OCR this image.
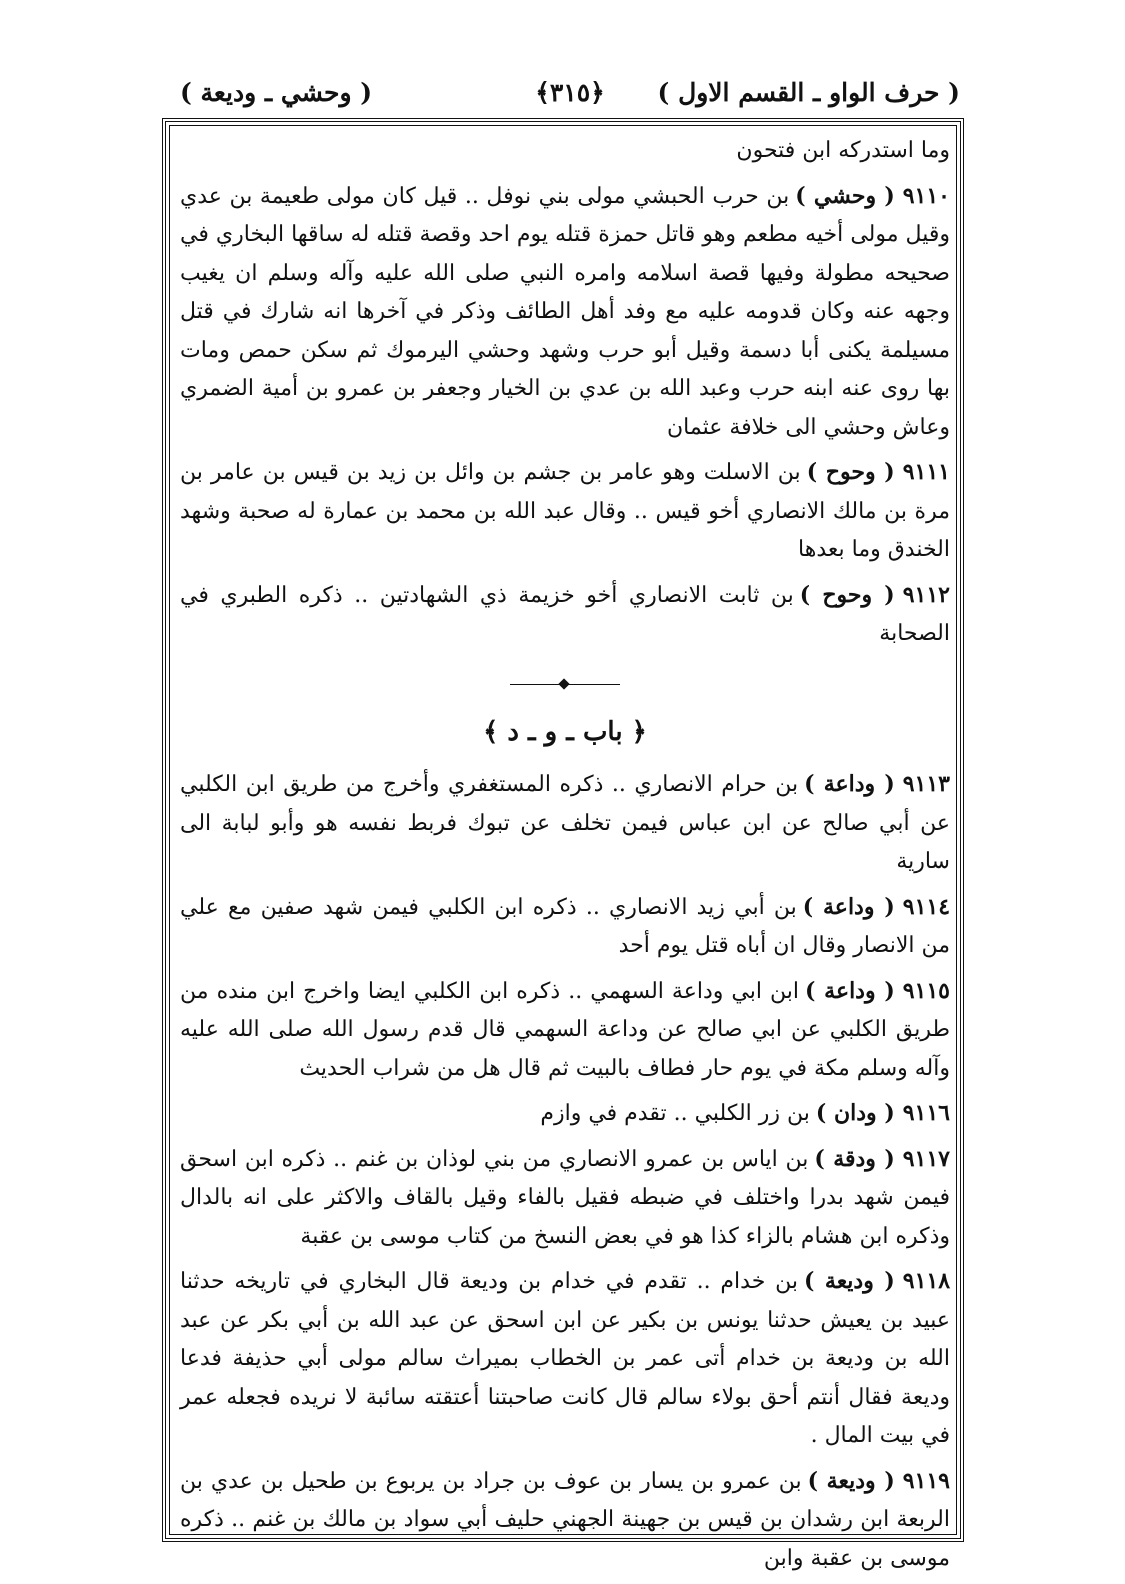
( حرف الواو ـ القسم الاول )
﴿٣١٥﴾
( وحشي ـ وديعة )

وما استدركه ابن فتحون

٩١١٠( وحشي )بن حرب الحبشي مولى بني نوفل .. قيل كان مولى طعيمة بن عدي وقيل مولى أخيه مطعم وهو قاتل حمزة قتله يوم احد وقصة قتله له ساقها البخاري في صحيحه مطولة وفيها قصة اسلامه وامره النبي صلى الله عليه وآله وسلم ان يغيب وجهه عنه وكان قدومه عليه مع وفد أهل الطائف وذكر في آخرها انه شارك في قتل مسيلمة يكنى أبا دسمة وقيل أبو حرب وشهد وحشي اليرموك ثم سكن حمص ومات بها روى عنه ابنه حرب وعبد الله بن عدي بن الخيار وجعفر بن عمرو بن أمية الضمري وعاش وحشي الى خلافة عثمان

٩١١١( وحوح )بن الاسلت وهو عامر بن جشم بن وائل بن زيد بن قيس بن عامر بن مرة بن مالك الانصاري أخو قيس .. وقال عبد الله بن محمد بن عمارة له صحبة وشهد الخندق وما بعدها

٩١١٢( وحوح )بن ثابت الانصاري أخو خزيمة ذي الشهادتين .. ذكره الطبري في الصحابة

﴿ باب ـ و ـ د ﴾

٩١١٣( وداعة )بن حرام الانصاري .. ذكره المستغفري وأخرج من طريق ابن الكلبي عن أبي صالح عن ابن عباس فيمن تخلف عن تبوك فربط نفسه هو وأبو لبابة الى سارية

٩١١٤( وداعة )بن أبي زيد الانصاري .. ذكره ابن الكلبي فيمن شهد صفين مع علي من الانصار وقال ان أباه قتل يوم أحد

٩١١٥( وداعة )ابن ابي وداعة السهمي .. ذكره ابن الكلبي ايضا واخرج ابن منده من طريق الكلبي عن ابي صالح عن وداعة السهمي قال قدم رسول الله صلى الله عليه وآله وسلم مكة في يوم حار فطاف بالبيت ثم قال هل من شراب الحديث

٩١١٦( ودان )بن زر الكلبي .. تقدم في وازم

٩١١٧( ودقة )بن اياس بن عمرو الانصاري من بني لوذان بن غنم .. ذكره ابن اسحق فيمن شهد بدرا واختلف في ضبطه فقيل بالفاء وقيل بالقاف والاكثر على انه بالدال وذكره ابن هشام بالزاء كذا هو في بعض النسخ من كتاب موسى بن عقبة

٩١١٨( وديعة )بن خدام .. تقدم في خدام بن وديعة قال البخاري في تاريخه حدثنا عبيد بن يعيش حدثنا يونس بن بكير عن ابن اسحق عن عبد الله بن أبي بكر عن عبد الله بن وديعة بن خدام أتى عمر بن الخطاب بميراث سالم مولى أبي حذيفة فدعا وديعة فقال أنتم أحق بولاء سالم قال كانت صاحبتنا أعتقته سائبة لا نريده فجعله عمر في بيت المال .

٩١١٩( وديعة )بن عمرو بن يسار بن عوف بن جراد بن يربوع بن طحيل بن عدي بن الربعة ابن رشدان بن قيس بن جهينة الجهني حليف أبي سواد بن مالك بن غنم .. ذكره موسى بن عقبة وابن
